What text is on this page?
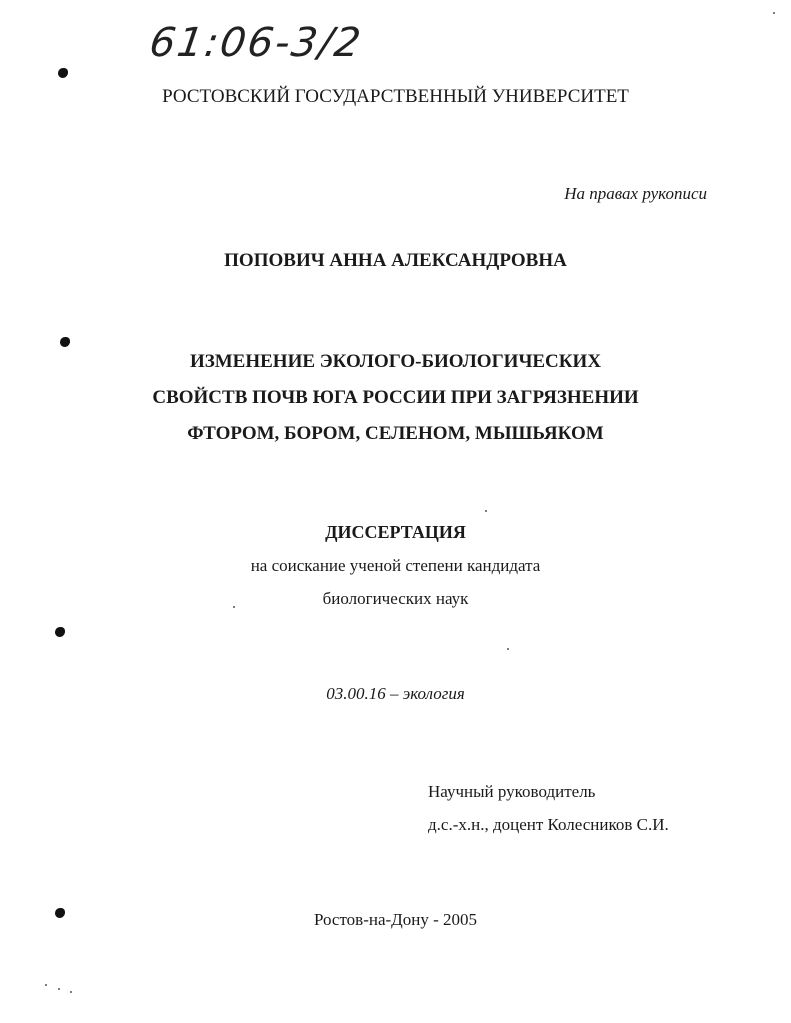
61:06-3/2
РОСТОВСКИЙ ГОСУДАРСТВЕННЫЙ УНИВЕРСИТЕТ
На правах рукописи
ПОПОВИЧ АННА АЛЕКСАНДРОВНА
ИЗМЕНЕНИЕ ЭКОЛОГО-БИОЛОГИЧЕСКИХ
СВОЙСТВ ПОЧВ ЮГА РОССИИ ПРИ ЗАГРЯЗНЕНИИ
ФТОРОМ, БОРОМ, СЕЛЕНОМ, МЫШЬЯКОМ
ДИССЕРТАЦИЯ
на соискание ученой степени кандидата
биологических наук
03.00.16 – экология
Научный руководитель
д.с.-х.н., доцент Колесников С.И.
Ростов-на-Дону - 2005
